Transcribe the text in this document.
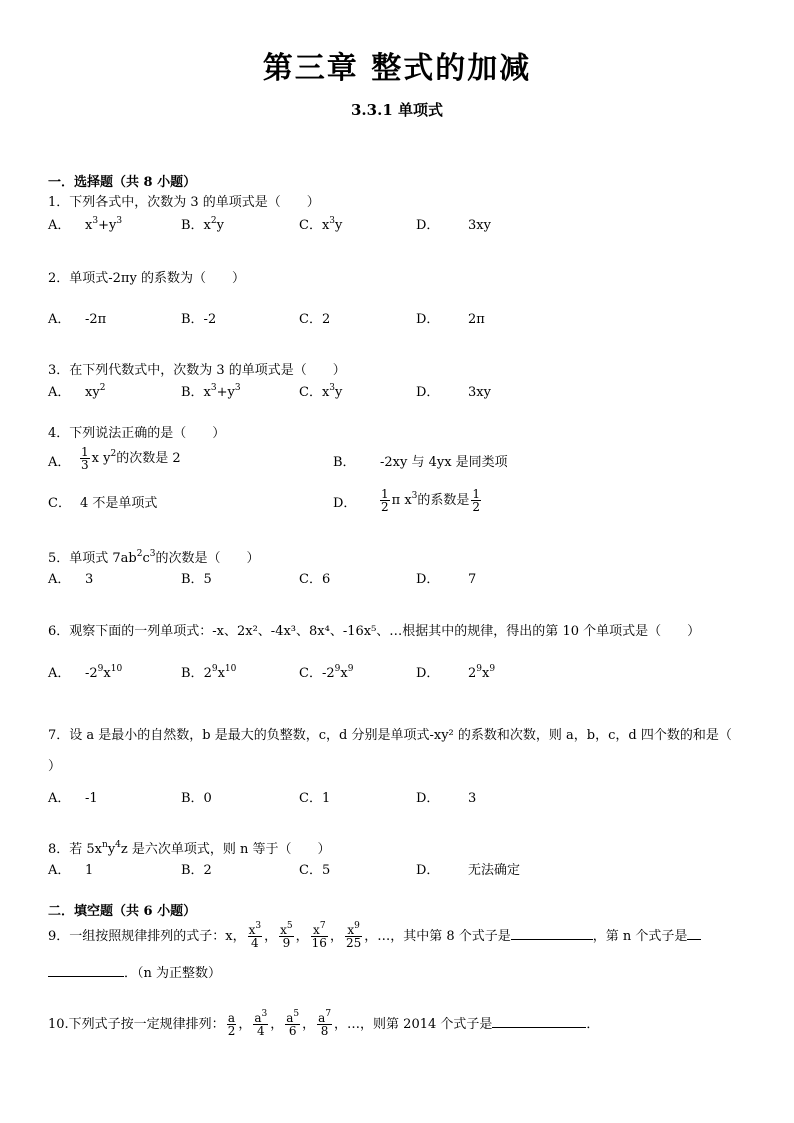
第三章 整式的加减
3.3.1 单项式
一．选择题（共 8 小题）
1．下列各式中，次数为 3 的单项式是（　　）
A． $x^3+y^3$	B．$x^2y$	C．$x^3y$	D． 3xy
2．单项式-2πy 的系数为（　　）
A． -2π	B．-2	C．2	D． 2π
3．在下列代数式中，次数为 3 的单项式是（　　）
A． $xy^2$	B．$x^3+y^3$	C．$x^3y$	D． 3xy
4．下列说法正确的是（　　）
A． $\frac{1}{3}$ x $y^2$的次数是 2	B． -2xy 与 4yx 是同类项
C． 4 不是单项式	D． $\frac{1}{2}$ π $x^3$的系数是 $\frac{1}{2}$
5．单项式 $7ab^2c^3$的次数是（　　）
A． 3	B．5	C．6	D． 7
6．观察下面的一列单项式：-x、2x²、-4x³、8x⁴、-16x⁵、…根据其中的规律，得出的第 10 个单项式是（　　）
A． $-2^9x^{10}$	B．$2^9x^{10}$	C．$-2^9x^9$	D． $2^9x^9$
7．设 a 是最小的自然数，b 是最大的负整数，c，d 分别是单项式-xy² 的系数和次数，则 a，b，c，d 四个数的和是（
）
A． -1	B．0	C．1	D． 3
8．若 $5x^ny^4z$ 是六次单项式，则 n 等于（　　）
A． 1	B．2	C．5	D． 无法确定
二．填空题（共 6 小题）
9．一组按照规律排列的式子：x， $\frac{x^3}{4}$ ， $\frac{x^5}{9}$ ， $\frac{x^7}{16}$ ， $\frac{x^9}{25}$ ，…，其中第 8 个式子是	，第 n 个式子是
．（n 为正整数）
10.下列式子按一定规律排列： $\frac{a}{2}$ ， $\frac{a^3}{4}$ ， $\frac{a^5}{6}$ ， $\frac{a^7}{8}$ ，…，则第 2014 个式子是	．
